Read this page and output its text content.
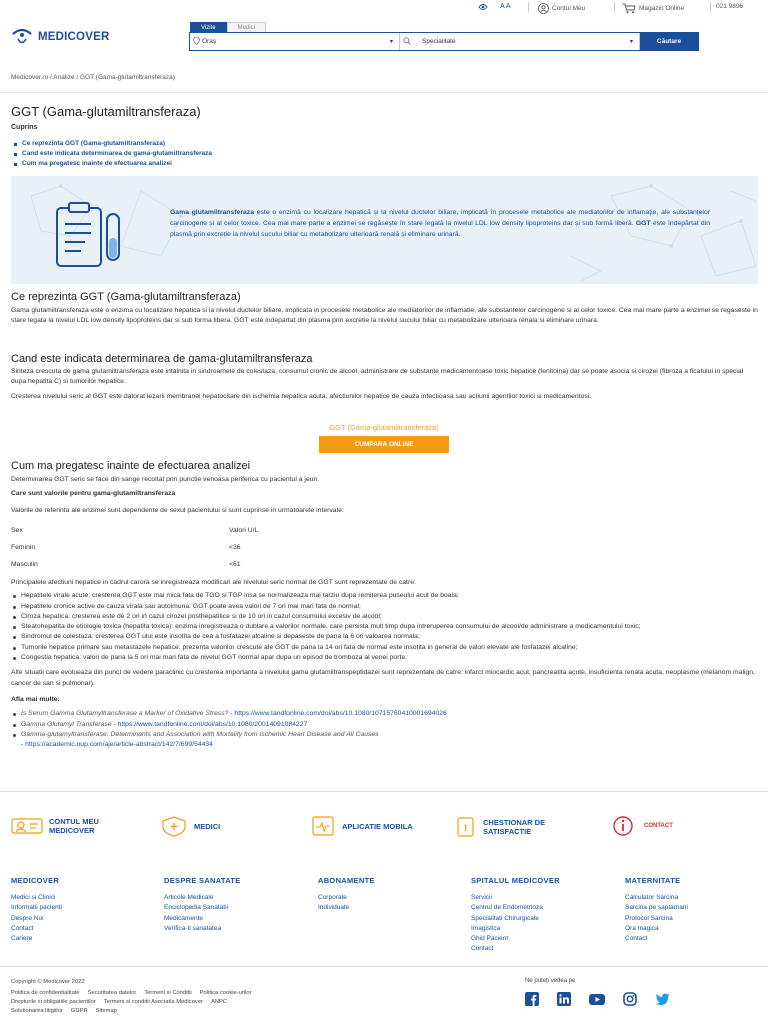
A A	Contul Meu	Magazin Online	021 9896
MEDICOVER
Vizite	Medici
Oraș	▾	Specialitate	▾	Căutare
Medicover.ro / Analize / GGT (Gama-glutamiltransferaza)
GGT (Gama-glutamiltransferaza)
Cuprins
Ce reprezinta GGT (Gama-glutamiltransferaza)
Cand este indicata determinarea de gama-glutamiltransferaza
Cum ma pregatesc inainte de efectuarea analizei

Gama glutamiltransferaza este o enzimă cu localizare hepatică și la nivelul ductelor biliare, implicată în procesele metabolice ale mediatorilor de inflamație, ale substanțelor carcinogene și al celor toxice. Cea mai mare parte a enzimei se regăsește în stare legată la nivelul LDL low density lipoproteins dar și sub formă liberă. GGT este îndepărtat din plasmă prin excreție la nivelul sucului biliar cu metabolizare ulterioară renală și eliminare urinară.

Ce reprezinta GGT (Gama-glutamiltransferaza)

Gama glutamiltransferaza este o enzima cu localizare hepatica si la nivelul ductelor biliare, implicata in procesele metabolice ale mediatorilor de inflamatie, ale substantelor carcinogene si al celor toxice. Cea mai mare parte a enzimei se regaseste in stare legata la nivelul LDL low density lipoproteins dar si sub forma libera. GGT este indepartat din plasma prin excretie la nivelul sucului biliar cu metabolizare ulterioara renala si eliminare urinara.

Cand este indicata determinarea de gama-glutamiltransferaza

Sinteza crescuta de gama glutamiltransferaza este intalnita in sindroamele de colestaza, consumul cronic de alcool, administrare de substante medicamentoase toxic hepatice (fenitoina) dar se poate asocia si cirozei (fibroza a ficatului in special dupa hepatita C) si tumorilor hepatice.

Cresterea nivelului seric al GGT este datorat lezarii membranei hepatocitare din ischemia hepatica acuta, afectiunilor hepatice de cauza infectioasa sau actiunii agentilor toxici si medicamentosi.

GGT (Gama-glutamiltransferaza)
CUMPARA ONLINE
Cum ma pregatesc inainte de efectuarea analizei

Determinarea GGT seric se face din sange recoltat prin punctie venoasa periferica cu pacientul a jeun.

Care sunt valorile pentru gama-glutamiltransferaza

Valorile de referinta ale enzimei sunt dependente de sexul pacientului si sunt cuprinse in urmatoarele intervale:

Sex	Valori U/L
Feminin	<36
Masculin	<61

Principalele afectiuni hepatice in cadrul carora se inregistreaza modificari ale nivelului seric normal de GGT sunt reprezentate de catre:

Hepatitele virale acute: cresterea GGT este mai mica fata de TGO si TGP insa se normalizeaza mai tarziu dupa remiterea puseului acut de boala;
Hepatitele cronice active de cauza virala sau autoimuna: GGT poate avea valori de 7 ori mai mari fata de normal;
Ciroza hepatica: cresterea este de 2 ori in cazul cirozei posthepatitice si de 10 ori in cazul consumului excesiv de alcool;
Steatohepatita de etiologie toxica (hepatita toxica): enzima inregistreaza o dublare a valorilor normale, care persista mult timp dupa intreruperea consumului de alcool/de administrare a medicamentului toxic;
Sindromul de colestaza: cresterea GGT ului este insotita de cea a fosfatazei alcaline si depaseste de pana la 6 ori valoarea normala;
Tumorile hepatice primare sau metastazele hepatice: prezenta valorilor crescute ale GGT de pana la 14 ori fata de normal este insotita in general de valori elevate ale fosfatazei alcaline;
Congestia hepatica: valori de pana la 5 ori mai mari fata de nivelul GGT normal apar dupa un episod de tromboza al venei porte.

Alte situatii care evolueaza din punct de vedere paraclinic cu cresterea importanta a nivelului gama glutamiltranspeptidazei sunt reprezentate de catre: infarct miocardic acut, pancreatita acute, insuficienta renala acuta, neoplasme (melanom malign, cancer de san si pulmonar).

Afla mai multe:

Is Serum Gamma Glutamyltransferase a Marker of Oxidative Stress? - https://www.tandfonline.com/doi/abs/10.1080/10715760410001694026
Gamma Glutamyl Transferase - https://www.tandfonline.com/doi/abs/10.1080/20014091084227
Gamma-glutamyltransferase: Determinants and Association with Mortality from Ischemic Heart Disease and All Causes
- https://academic.oup.com/aje/article-abstract/142/7/699/54434
CONTUL MEU
MEDICOVER	MEDICI	APLICATIE MOBILA	!
CHESTIONAR DE
SATISFACTIE
CONTACT
MEDICOVER
Medici si Clinici
Informatii pacienti
Despre Noi
Contact
Cariere
DESPRE SANATATE
Articole Medicale
Enciclopedia Sanatatii
Medicamente
Verifica-ti sanatatea
ABONAMENTE
Corporate
Individuale
SPITALUL MEDICOVER
Servicii
Centrul de Endometrioza
Specialitati Chirurgicale
Imagistica
Ghid Pacient
Contact
MATERNITATE
Calculator Sarcina
Sarcina pe saptamani
Protocol Sarcina
Ora magica
Contact
Copyright © Medicover 2022
Politica de confidentialitate Securitatea datelor Termeni si Conditii Politica cookie-urilor
Drepturile si obligatiile pacientilor Termeni si conditii Asociatia Medicover ANPC
Solutionarea litigiilor GDPR Sitemap
Ne puteți vedea pe
